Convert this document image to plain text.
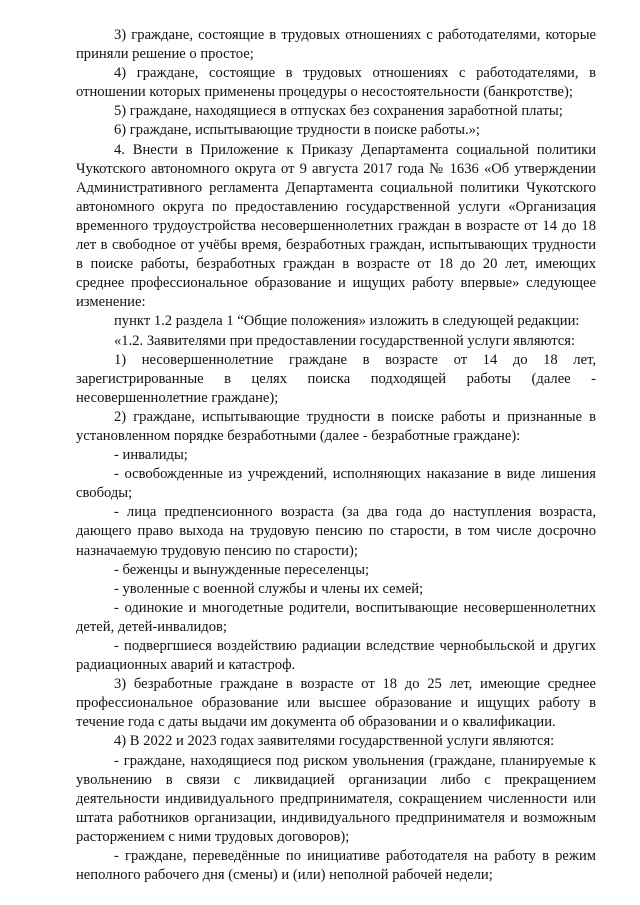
3) граждане, состоящие в трудовых отношениях с работодателями, которые приняли решение о простое;

4) граждане, состоящие в трудовых отношениях с работодателями, в отношении которых применены процедуры о несостоятельности (банкротстве);

5) граждане, находящиеся в отпусках без сохранения заработной платы;

6) граждане, испытывающие трудности в поиске работы.»;

4. Внести в Приложение к Приказу Департамента социальной политики Чукотского автономного округа от 9 августа 2017 года № 1636 «Об утверждении Административного регламента Департамента социальной политики Чукотского автономного округа по предоставлению государственной услуги «Организация временного трудоустройства несовершеннолетних граждан в возрасте от 14 до 18 лет в свободное от учёбы время, безработных граждан, испытывающих трудности в поиске работы, безработных граждан в возрасте от 18 до 20 лет, имеющих среднее профессиональное образование и ищущих работу впервые» следующее изменение:

пункт 1.2 раздела 1 “Общие положения» изложить в следующей редакции:

«1.2. Заявителями при предоставлении государственной услуги являются:

1) несовершеннолетние граждане в возрасте от 14 до 18 лет, зарегистрированные в целях поиска подходящей работы (далее - несовершеннолетние граждане);

2) граждане, испытывающие трудности в поиске работы и признанные в установленном порядке безработными (далее - безработные граждане):

- инвалиды;

- освобожденные из учреждений, исполняющих наказание в виде лишения свободы;

- лица предпенсионного возраста (за два года до наступления возраста, дающего право выхода на трудовую пенсию по старости, в том числе досрочно назначаемую трудовую пенсию по старости);

- беженцы и вынужденные переселенцы;

- уволенные с военной службы и члены их семей;

- одинокие и многодетные родители, воспитывающие несовершеннолетних детей, детей-инвалидов;

- подвергшиеся воздействию радиации вследствие чернобыльской и других радиационных аварий и катастроф.

3) безработные граждане в возрасте от 18 до 25 лет, имеющие среднее профессиональное образование или высшее образование и ищущих работу в течение года с даты выдачи им документа об образовании и о квалификации.

4) В 2022 и 2023 годах заявителями государственной услуги являются:

- граждане, находящиеся под риском увольнения (граждане, планируемые к увольнению в связи с ликвидацией организации либо с прекращением деятельности индивидуального предпринимателя, сокращением численности или штата работников организации, индивидуального предпринимателя и возможным расторжением с ними трудовых договоров);

- граждане, переведённые по инициативе работодателя на работу в режим неполного рабочего дня (смены) и (или) неполной рабочей недели;
